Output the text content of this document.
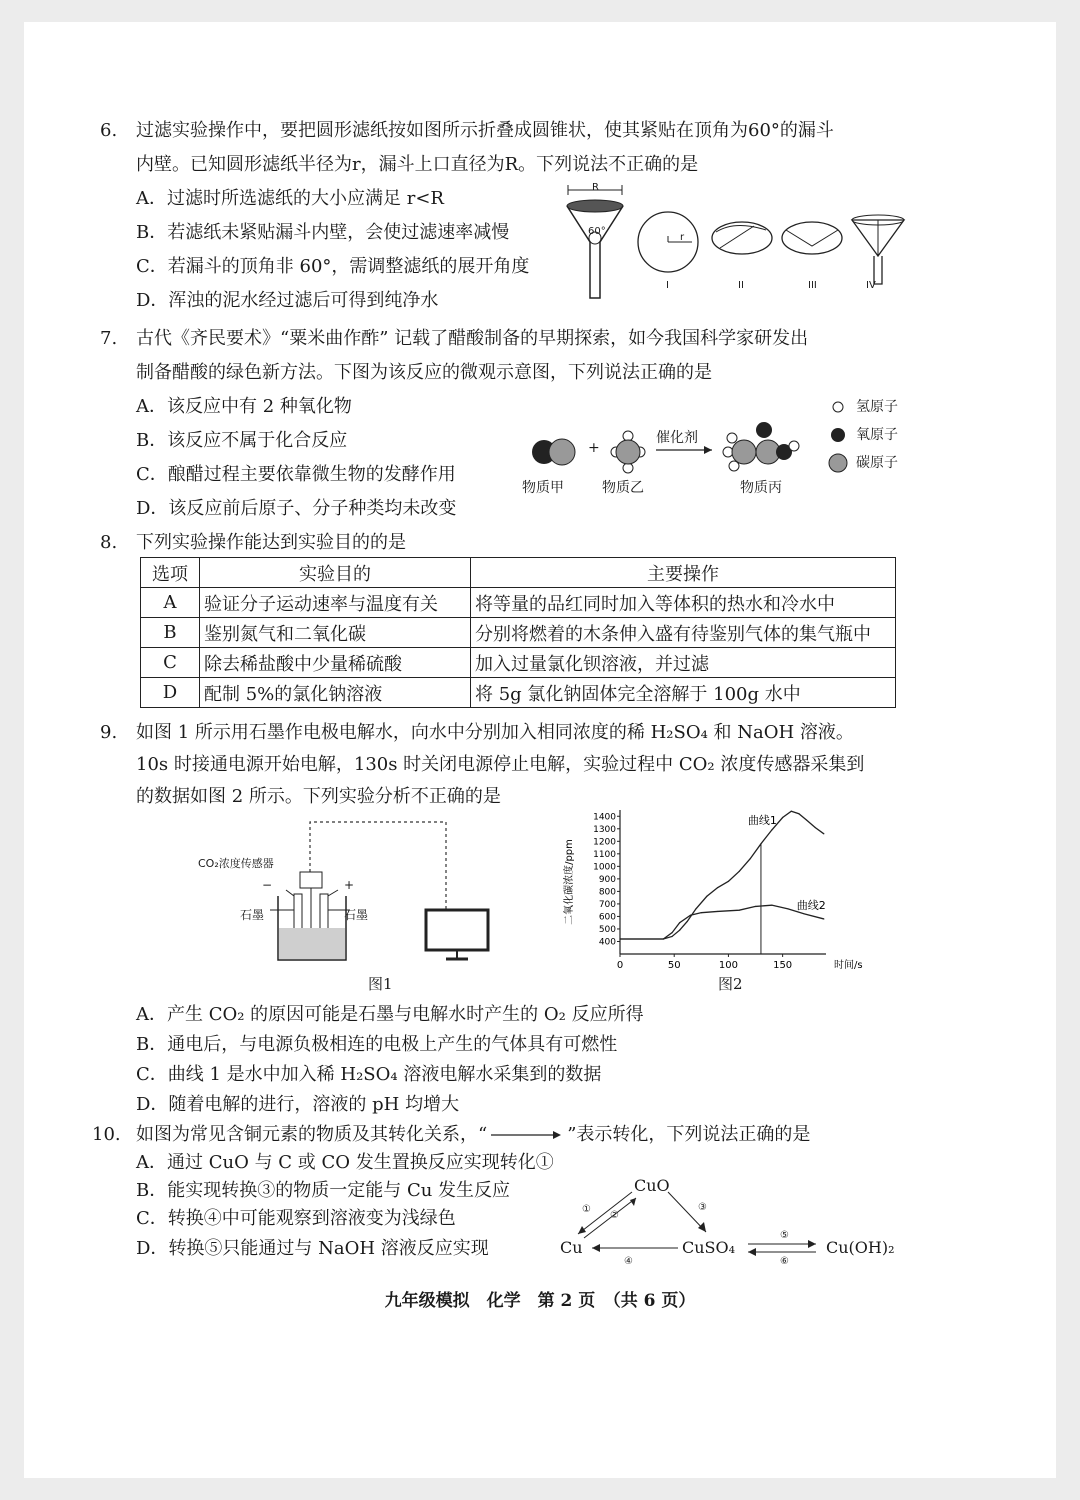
6. 过滤实验操作中，要把圆形滤纸按如图所示折叠成圆锥状，使其紧贴在顶角为60°的漏斗
内壁。已知圆形滤纸半径为r，漏斗上口直径为R。下列说法不正确的是
A．过滤时所选滤纸的大小应满足 r<R
B．若滤纸未紧贴漏斗内壁，会使过滤速率减慢
C．若漏斗的顶角非 60°，需调整滤纸的展开角度
D．浑浊的泥水经过滤后可得到纯净水
R
60°
r
I	II	III	IV
7. 古代《齐民要术》“粟米曲作酢” 记载了醋酸制备的早期探索，如今我国科学家研发出
制备醋酸的绿色新方法。下图为该反应的微观示意图，下列说法正确的是
A．该反应中有 2 种氧化物
B．该反应不属于化合反应
C．酿醋过程主要依靠微生物的发酵作用
D．该反应前后原子、分子种类均未改变
+
催化剂
物质甲	物质乙	物质丙
氢原子
氧原子
碳原子
8. 下列实验操作能达到实验目的的是
选项	实验目的	主要操作
A	验证分子运动速率与温度有关	将等量的品红同时加入等体积的热水和冷水中
B	鉴别氮气和二氧化碳	分别将燃着的木条伸入盛有待鉴别气体的集气瓶中
C	除去稀盐酸中少量稀硫酸	加入过量氯化钡溶液，并过滤
D	配制 5%的氯化钠溶液	将 5g 氯化钠固体完全溶解于 100g 水中
9. 如图 1 所示用石墨作电极电解水，向水中分别加入相同浓度的稀 H₂SO₄ 和 NaOH 溶液。
10s 时接通电源开始电解，130s 时关闭电源停止电解，实验过程中 CO₂ 浓度传感器采集到
的数据如图 2 所示。下列实验分析不正确的是
CO₂浓度传感器
−	+
石墨	石墨
图1
400
500
600
700
800
900
1000
1100
1200
1300
1400
0	50	100	150	时间/s
二氧化碳浓度/ppm
曲线1
曲线2
图2
A．产生 CO₂ 的原因可能是石墨与电解水时产生的 O₂ 反应所得
B．通电后，与电源负极相连的电极上产生的气体具有可燃性
C．曲线 1 是水中加入稀 H₂SO₄ 溶液电解水采集到的数据
D．随着电解的进行，溶液的 pH 均增大
10. 如图为常见含铜元素的物质及其转化关系，“	”表示转化，下列说法正确的是
A．通过 CuO 与 C 或 CO 发生置换反应实现转化①
B．能实现转换③的物质一定能与 Cu 发生反应
C．转换④中可能观察到溶液变为浅绿色
D．转换⑤只能通过与 NaOH 溶液反应实现
CuO
Cu	CuSO₄	Cu(OH)₂
①
②
③
④
⑤
⑥
九年级模拟　化学　第 2 页　（共 6 页）
